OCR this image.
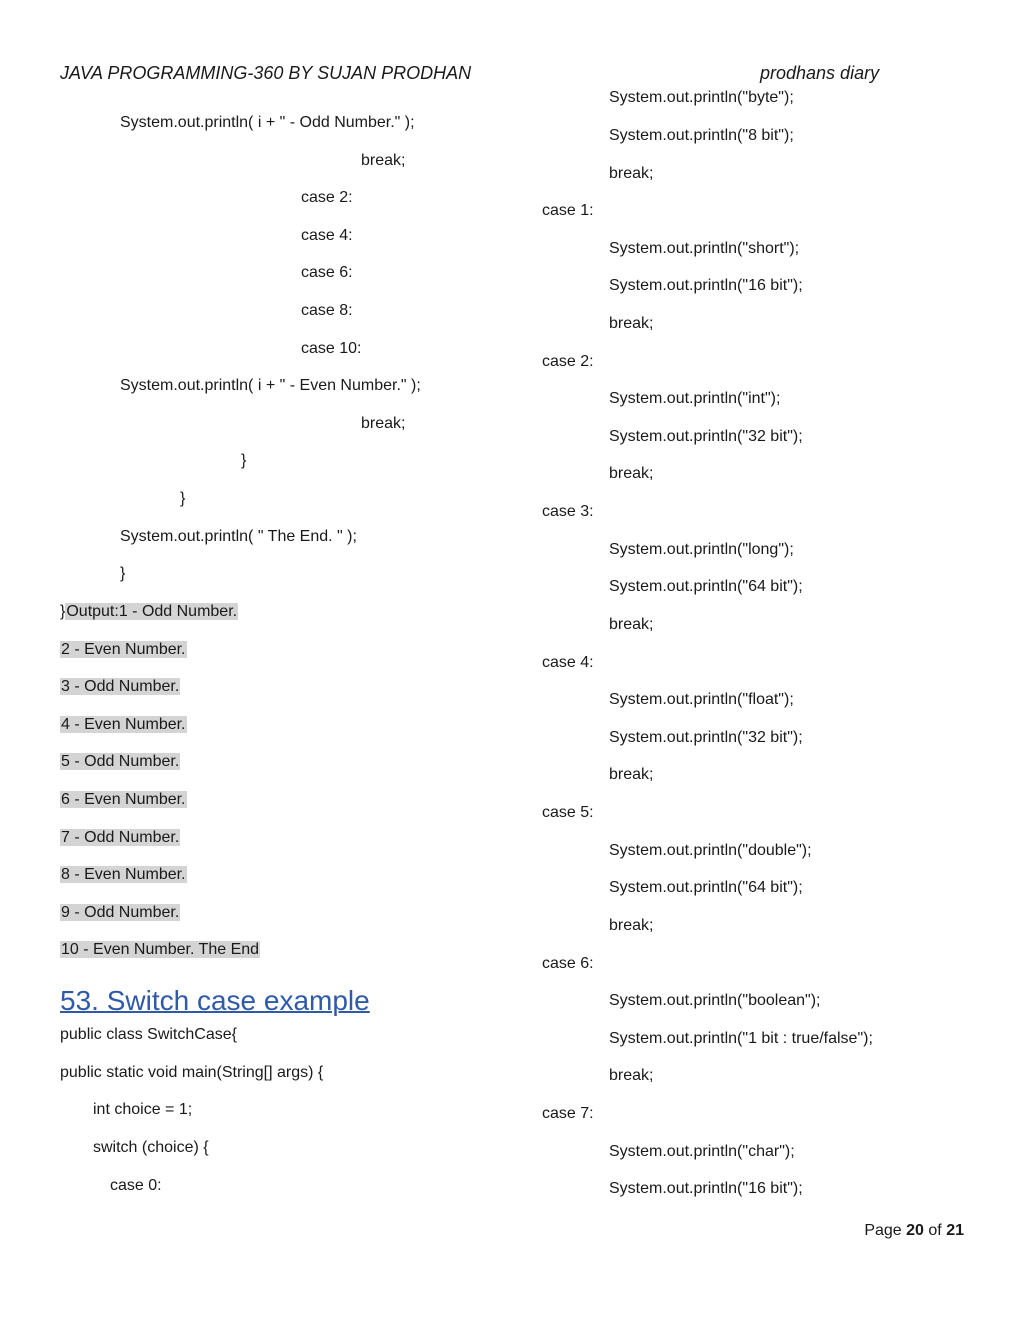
JAVA PROGRAMMING-360 BY SUJAN PRODHAN	prodhans diary
System.out.println( i + " - Odd Number." );
break;
case 2:
case 4:
case 6:
case 8:
case 10:
System.out.println( i + " - Even Number." );
break;
}
}
System.out.println( " The End. " );
}
}Output:1 - Odd Number.
2 - Even Number.
3 - Odd Number.
4 - Even Number.
5 - Odd Number.
6 - Even Number.
7 - Odd Number.
8 - Even Number.
9 - Odd Number.
10 - Even Number. The End
53. Switch case example
public class SwitchCase{
public static void main(String[] args) {
int choice = 1;
switch (choice) {
case 0:
System.out.println("byte");
System.out.println("8 bit");
break;
case 1:
System.out.println("short");
System.out.println("16 bit");
break;
case 2:
System.out.println("int");
System.out.println("32 bit");
break;
case 3:
System.out.println("long");
System.out.println("64 bit");
break;
case 4:
System.out.println("float");
System.out.println("32 bit");
break;
case 5:
System.out.println("double");
System.out.println("64 bit");
break;
case 6:
System.out.println("boolean");
System.out.println("1 bit : true/false");
break;
case 7:
System.out.println("char");
System.out.println("16 bit");
Page 20 of 21
